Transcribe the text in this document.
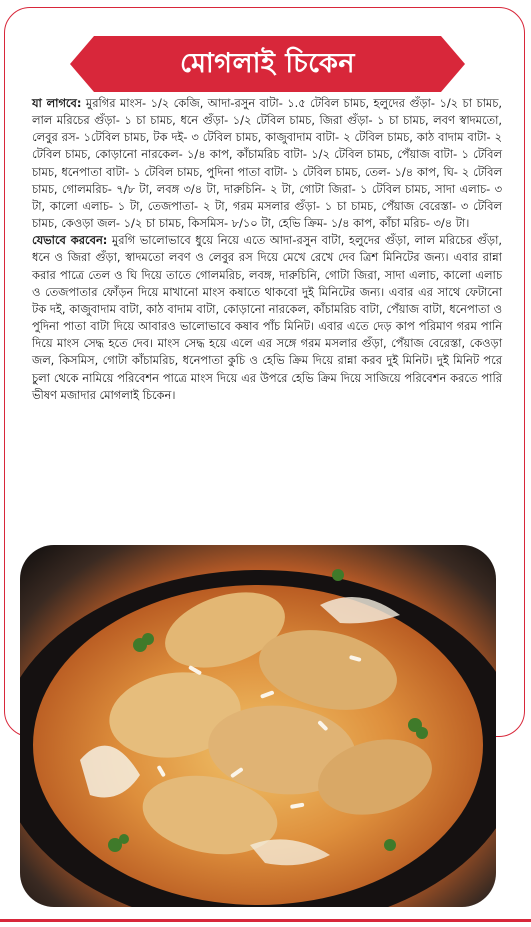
মোগলাই চিকেন

যা লাগবে: মুরগির মাংস- ১/২ কেজি, আদা-রসুন বাটা- ১.৫ টেবিল চামচ, হলুদের গুঁড়া- ১/২ চা চামচ, লাল মরিচের গুঁড়া- ১ চা চামচ, ধনে গুঁড়া- ১/২ টেবিল চামচ, জিরা গুঁড়া- ১ চা চামচ, লবণ স্বাদমতো, লেবুর রস- ১টেবিল চামচ, টক দই- ৩ টেবিল চামচ, কাজুবাদাম বাটা- ২ টেবিল চামচ, কাঠ বাদাম বাটা- ২ টেবিল চামচ, কোড়ানো নারকেল- ১/৪ কাপ, কাঁচামরিচ বাটা- ১/২ টেবিল চামচ, পেঁয়াজ বাটা- ১ টেবিল চামচ, ধনেপাতা বাটা- ১ টেবিল চামচ, পুদিনা পাতা বাটা- ১ টেবিল চামচ, তেল- ১/৪ কাপ, ঘি- ২ টেবিল চামচ, গোলমরিচ- ৭/৮ টা, লবঙ্গ ৩/৪ টা, দারুচিনি- ২ টা, গোটা জিরা- ১ টেবিল চামচ, সাদা এলাচ- ৩ টা, কালো এলাচ- ১ টা, তেজপাতা- ২ টা, গরম মসলার গুঁড়া- ১ চা চামচ, পেঁয়াজ বেরেস্তা- ৩ টেবিল চামচ, কেওড়া জল- ১/২ চা চামচ, কিসমিস- ৮/১০ টা, হেভি ক্রিম- ১/৪ কাপ, কাঁচা মরিচ- ৩/৪ টা।

যেভাবে করবেন: মুরগি ভালোভাবে ধুয়ে নিয়ে এতে আদা-রসুন বাটা, হলুদের গুঁড়া, লাল মরিচের গুঁড়া, ধনে ও জিরা গুঁড়া, স্বাদমতো লবণ ও লেবুর রস দিয়ে মেখে রেখে দেব ত্রিশ মিনিটের জন্য। এবার রান্না করার পাত্রে তেল ও ঘি দিয়ে তাতে গোলমরিচ, লবঙ্গ, দারুচিনি, গোটা জিরা, সাদা এলাচ, কালো এলাচ ও তেজপাতার ফোঁড়ন দিয়ে মাখানো মাংস কষাতে থাকবো দুই মিনিটের জন্য। এবার এর সাথে ফেটানো টক দই, কাজুবাদাম বাটা, কাঠ বাদাম বাটা, কোড়ানো নারকেল, কাঁচামরিচ বাটা, পেঁয়াজ বাটা, ধনেপাতা ও পুদিনা পাতা বাটা দিয়ে আবারও ভালোভাবে কষাব পাঁচ মিনিট। এবার এতে দেড় কাপ পরিমাণ গরম পানি দিয়ে মাংস সেদ্ধ হতে দেব। মাংস সেদ্ধ হয়ে এলে এর সঙ্গে গরম মসলার গুঁড়া, পেঁয়াজ বেরেস্তা, কেওড়া জল, কিসমিস, গোটা কাঁচামরিচ, ধনেপাতা কুচি ও হেভি ক্রিম দিয়ে রান্না করব দুই মিনিট। দুই মিনিট পরে চুলা থেকে নামিয়ে পরিবেশন পাত্রে মাংস দিয়ে এর উপরে হেভি ক্রিম দিয়ে সাজিয়ে পরিবেশন করতে পারি ভীষণ মজাদার মোগলাই চিকেন।
